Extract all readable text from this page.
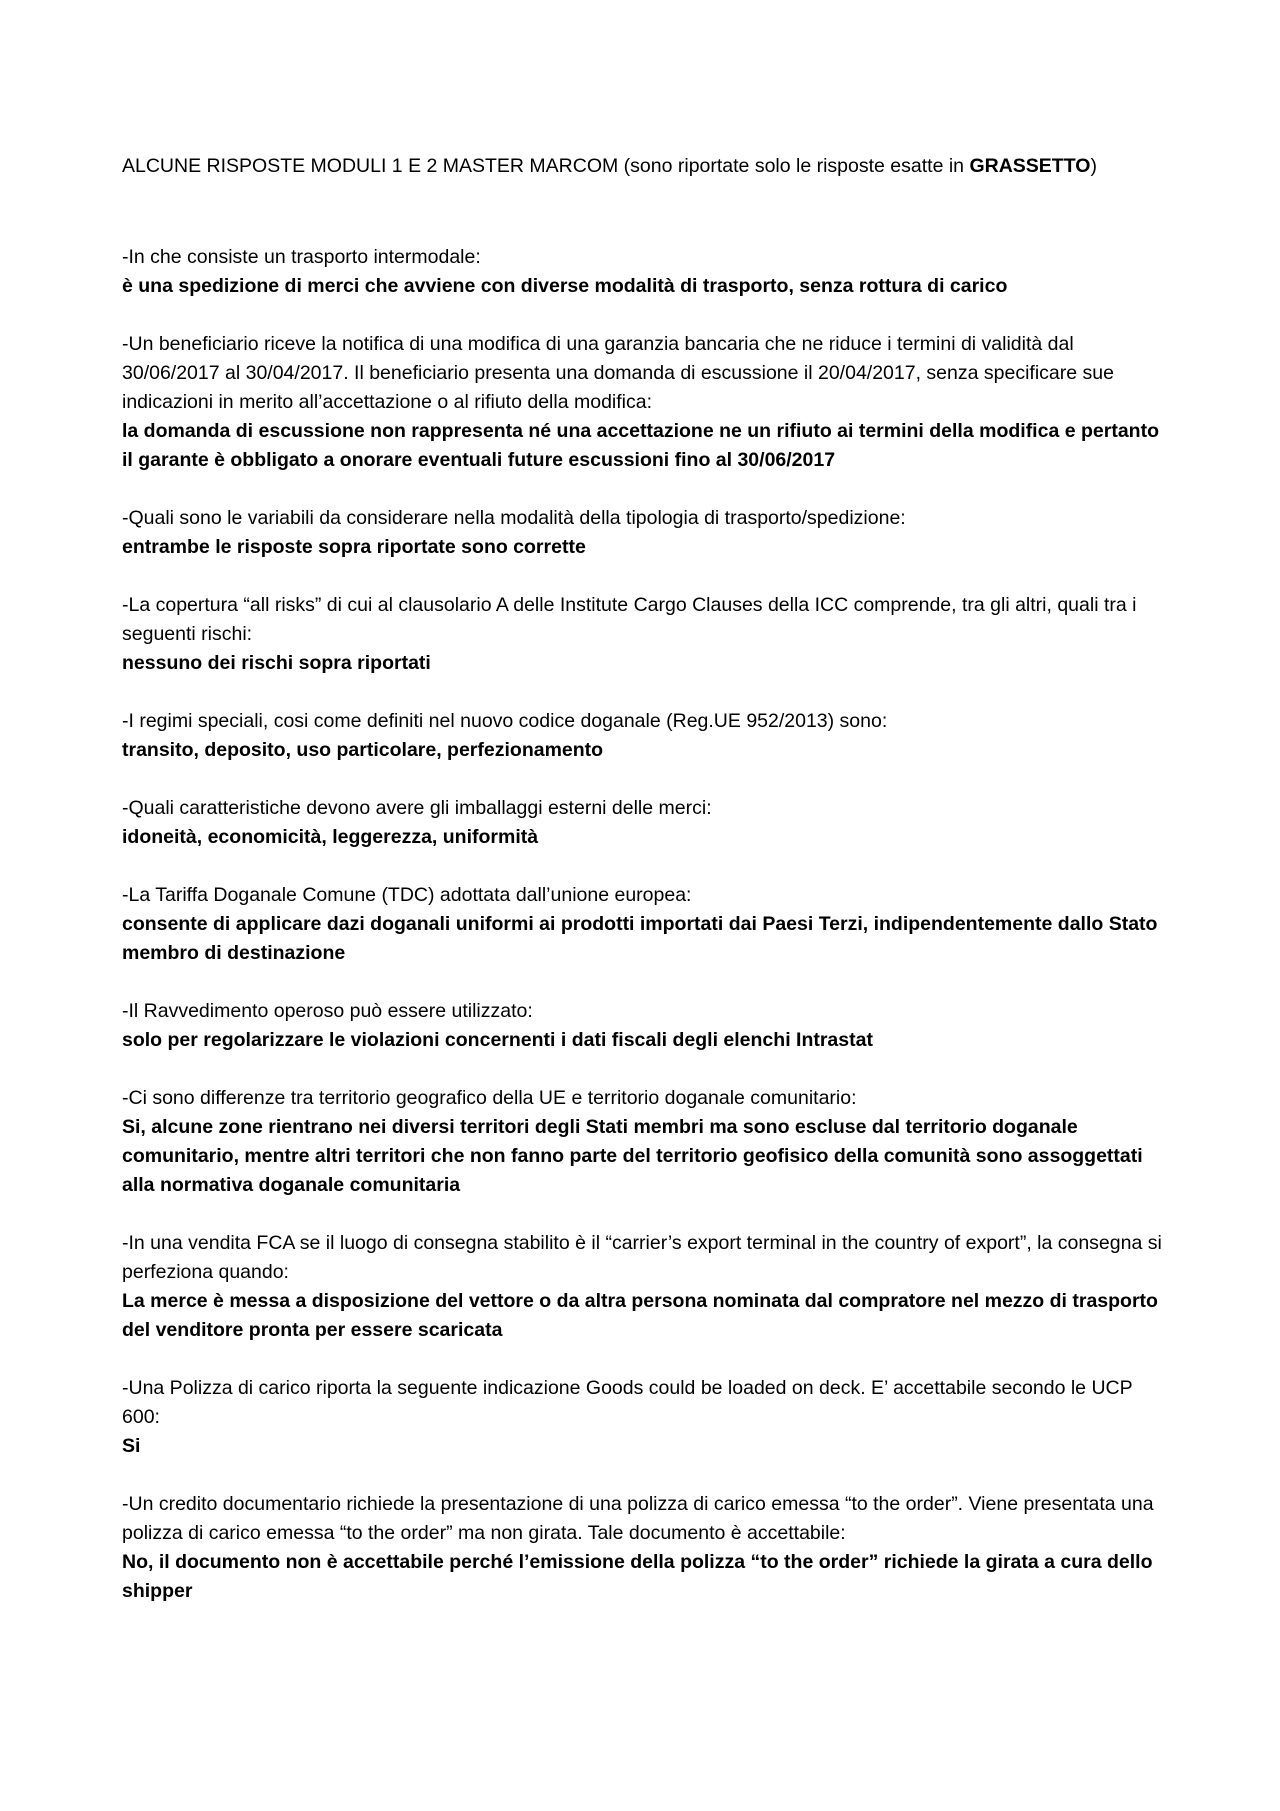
ALCUNE RISPOSTE MODULI 1 E 2 MASTER MARCOM (sono riportate solo le risposte esatte in GRASSETTO)

-In che consiste un trasporto intermodale:

è una spedizione di merci che avviene con diverse modalità di trasporto, senza rottura di carico

-Un beneficiario riceve la notifica di una modifica di una garanzia bancaria che ne riduce i termini di validità dal 30/06/2017 al 30/04/2017. Il beneficiario presenta una domanda di escussione il 20/04/2017, senza specificare sue indicazioni in merito all’accettazione o al rifiuto della modifica:

la domanda di escussione non rappresenta né una accettazione ne un rifiuto ai termini della modifica e pertanto il garante è obbligato a onorare eventuali future escussioni fino al 30/06/2017

-Quali sono le variabili da considerare nella modalità della tipologia di trasporto/spedizione:

entrambe le risposte sopra riportate sono corrette

-La copertura “all risks” di cui al clausolario A delle Institute Cargo Clauses della ICC comprende, tra gli altri, quali tra i seguenti rischi:

nessuno dei rischi sopra riportati

-I regimi speciali, cosi come definiti nel nuovo codice doganale (Reg.UE 952/2013) sono:

transito, deposito, uso particolare, perfezionamento

-Quali caratteristiche devono avere gli imballaggi esterni delle merci:

idoneità, economicità, leggerezza, uniformità

-La Tariffa Doganale Comune (TDC) adottata dall’unione europea:

consente di applicare dazi doganali uniformi ai prodotti importati dai Paesi Terzi, indipendentemente dallo Stato membro di destinazione

-Il Ravvedimento operoso può essere utilizzato:

solo per regolarizzare le violazioni concernenti i dati fiscali degli elenchi Intrastat

-Ci sono differenze tra territorio geografico della UE e territorio doganale comunitario:

Si, alcune zone rientrano nei diversi territori degli Stati membri ma sono escluse dal territorio doganale comunitario, mentre altri territori che non fanno parte del territorio geofisico della comunità sono assoggettati alla normativa doganale comunitaria

-In una vendita FCA se il luogo di consegna stabilito è il “carrier’s export terminal in the country of export”, la consegna si perfeziona quando:

La merce è messa a disposizione del vettore o da altra persona nominata dal compratore nel mezzo di trasporto del venditore pronta per essere scaricata

-Una Polizza di carico riporta la seguente indicazione Goods could be loaded on deck. E’ accettabile secondo le UCP 600:

Si

-Un credito documentario richiede la presentazione di una polizza di carico emessa “to the order”. Viene presentata una polizza di carico emessa “to the order” ma non girata. Tale documento è accettabile:

No, il documento non è accettabile perché l’emissione della polizza “to the order” richiede la girata a cura dello shipper
